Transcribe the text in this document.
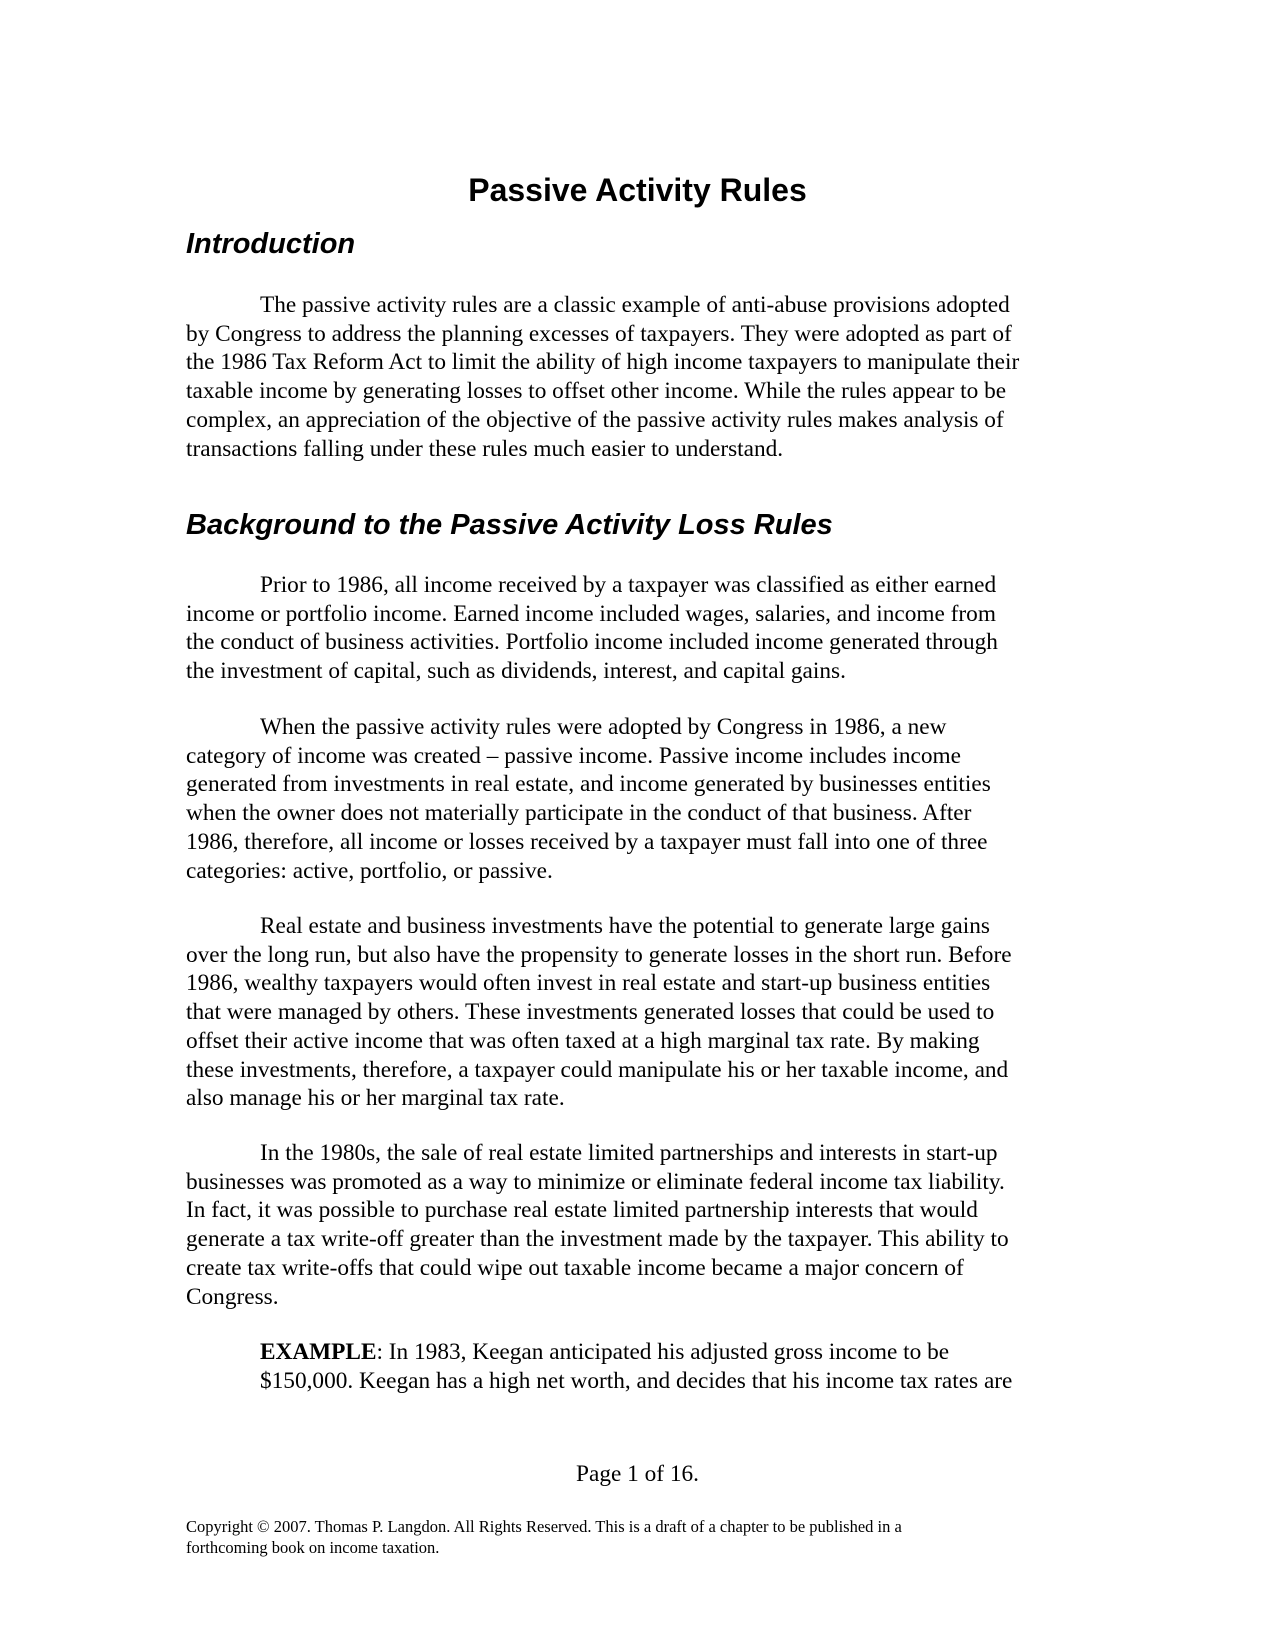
Passive Activity Rules
Introduction

The passive activity rules are a classic example of anti-abuse provisions adopted
by Congress to address the planning excesses of taxpayers. They were adopted as part of
the 1986 Tax Reform Act to limit the ability of high income taxpayers to manipulate their
taxable income by generating losses to offset other income. While the rules appear to be
complex, an appreciation of the objective of the passive activity rules makes analysis of
transactions falling under these rules much easier to understand.

Background to the Passive Activity Loss Rules

Prior to 1986, all income received by a taxpayer was classified as either earned
income or portfolio income. Earned income included wages, salaries, and income from
the conduct of business activities. Portfolio income included income generated through
the investment of capital, such as dividends, interest, and capital gains.

When the passive activity rules were adopted by Congress in 1986, a new
category of income was created – passive income. Passive income includes income
generated from investments in real estate, and income generated by businesses entities
when the owner does not materially participate in the conduct of that business. After
1986, therefore, all income or losses received by a taxpayer must fall into one of three
categories: active, portfolio, or passive.

Real estate and business investments have the potential to generate large gains
over the long run, but also have the propensity to generate losses in the short run. Before
1986, wealthy taxpayers would often invest in real estate and start-up business entities
that were managed by others. These investments generated losses that could be used to
offset their active income that was often taxed at a high marginal tax rate. By making
these investments, therefore, a taxpayer could manipulate his or her taxable income, and
also manage his or her marginal tax rate.

In the 1980s, the sale of real estate limited partnerships and interests in start-up
businesses was promoted as a way to minimize or eliminate federal income tax liability.
In fact, it was possible to purchase real estate limited partnership interests that would
generate a tax write-off greater than the investment made by the taxpayer. This ability to
create tax write-offs that could wipe out taxable income became a major concern of
Congress.

EXAMPLE: In 1983, Keegan anticipated his adjusted gross income to be
$150,000. Keegan has a high net worth, and decides that his income tax rates are

Page 1 of 16.

Copyright © 2007. Thomas P. Langdon. All Rights Reserved. This is a draft of a chapter to be published in a
forthcoming book on income taxation.
